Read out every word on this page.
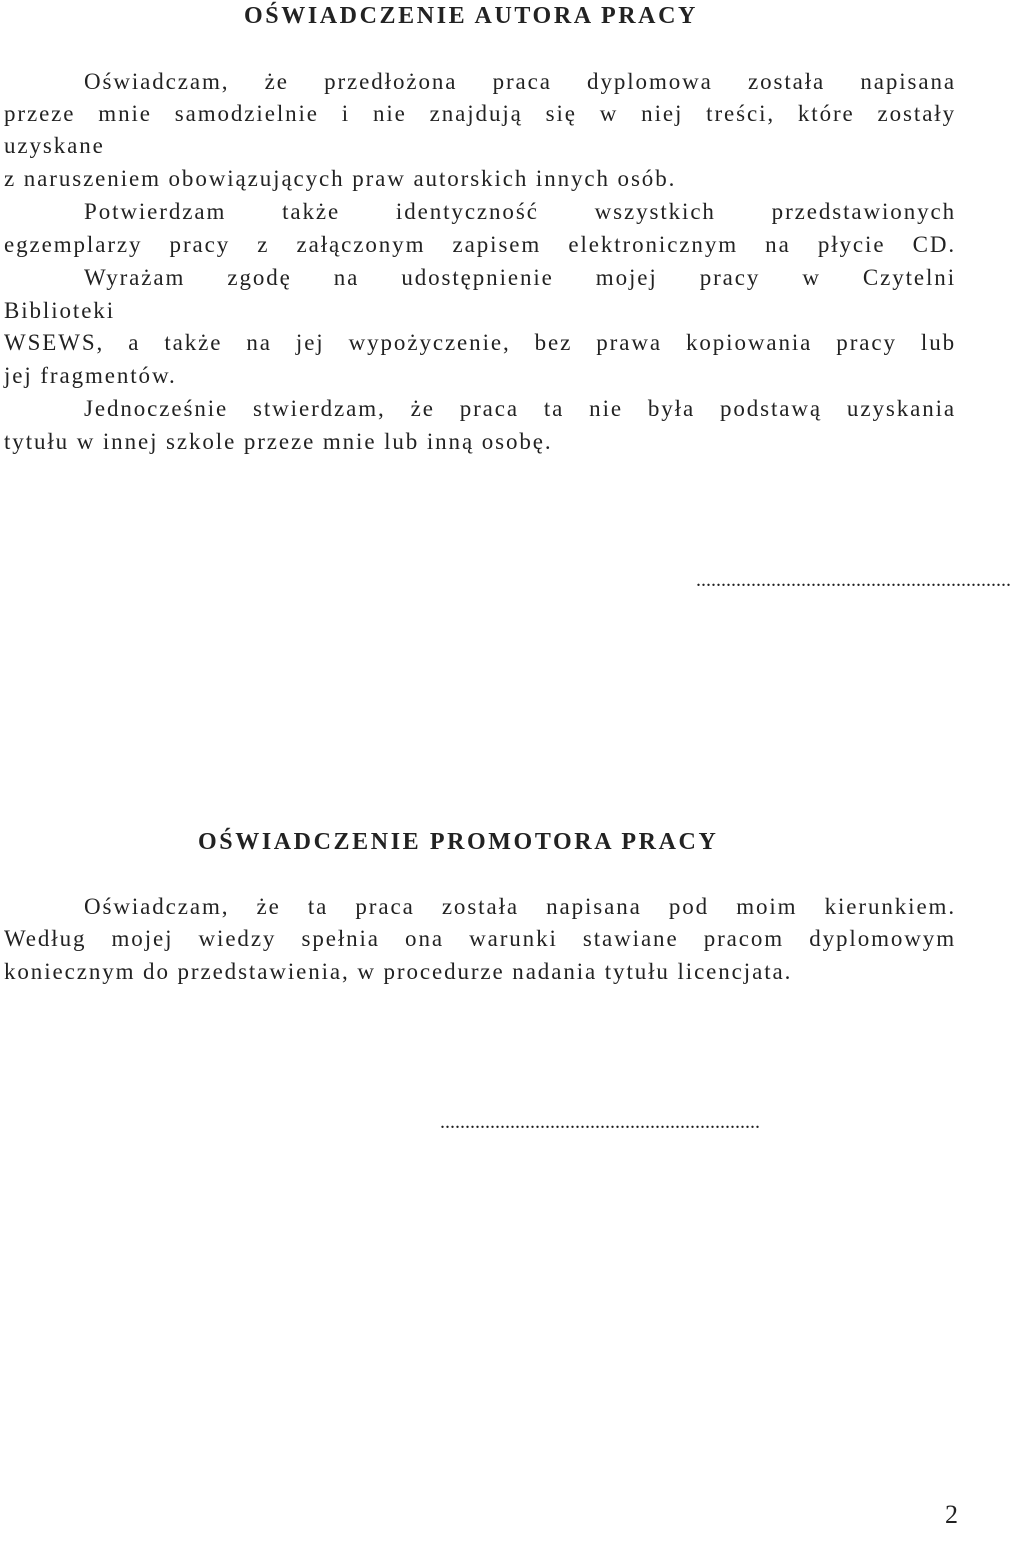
OŚWIADCZENIE AUTORA PRACY

Oświadczam, że przedłożona praca dyplomowa została napisana

przeze mnie samodzielnie i nie znajdują się w niej treści, które zostały

uzyskane

z naruszeniem obowiązujących praw autorskich innych osób.

Potwierdzam także identyczność wszystkich przedstawionych

egzemplarzy pracy z załączonym zapisem elektronicznym na płycie CD.

Wyrażam zgodę na udostępnienie mojej pracy w Czytelni

Biblioteki

WSEWS, a także na jej wypożyczenie, bez prawa kopiowania pracy lub

jej fragmentów.

Jednocześnie stwierdzam, że praca ta nie była podstawą uzyskania

tytułu w innej szkole przeze mnie lub inną osobę.

...............................................................

OŚWIADCZENIE PROMOTORA PRACY

Oświadczam, że ta praca została napisana pod moim kierunkiem.

Według mojej wiedzy spełnia ona warunki stawiane pracom dyplomowym

koniecznym do przedstawienia, w procedurze nadania tytułu licencjata.

................................................................

2
